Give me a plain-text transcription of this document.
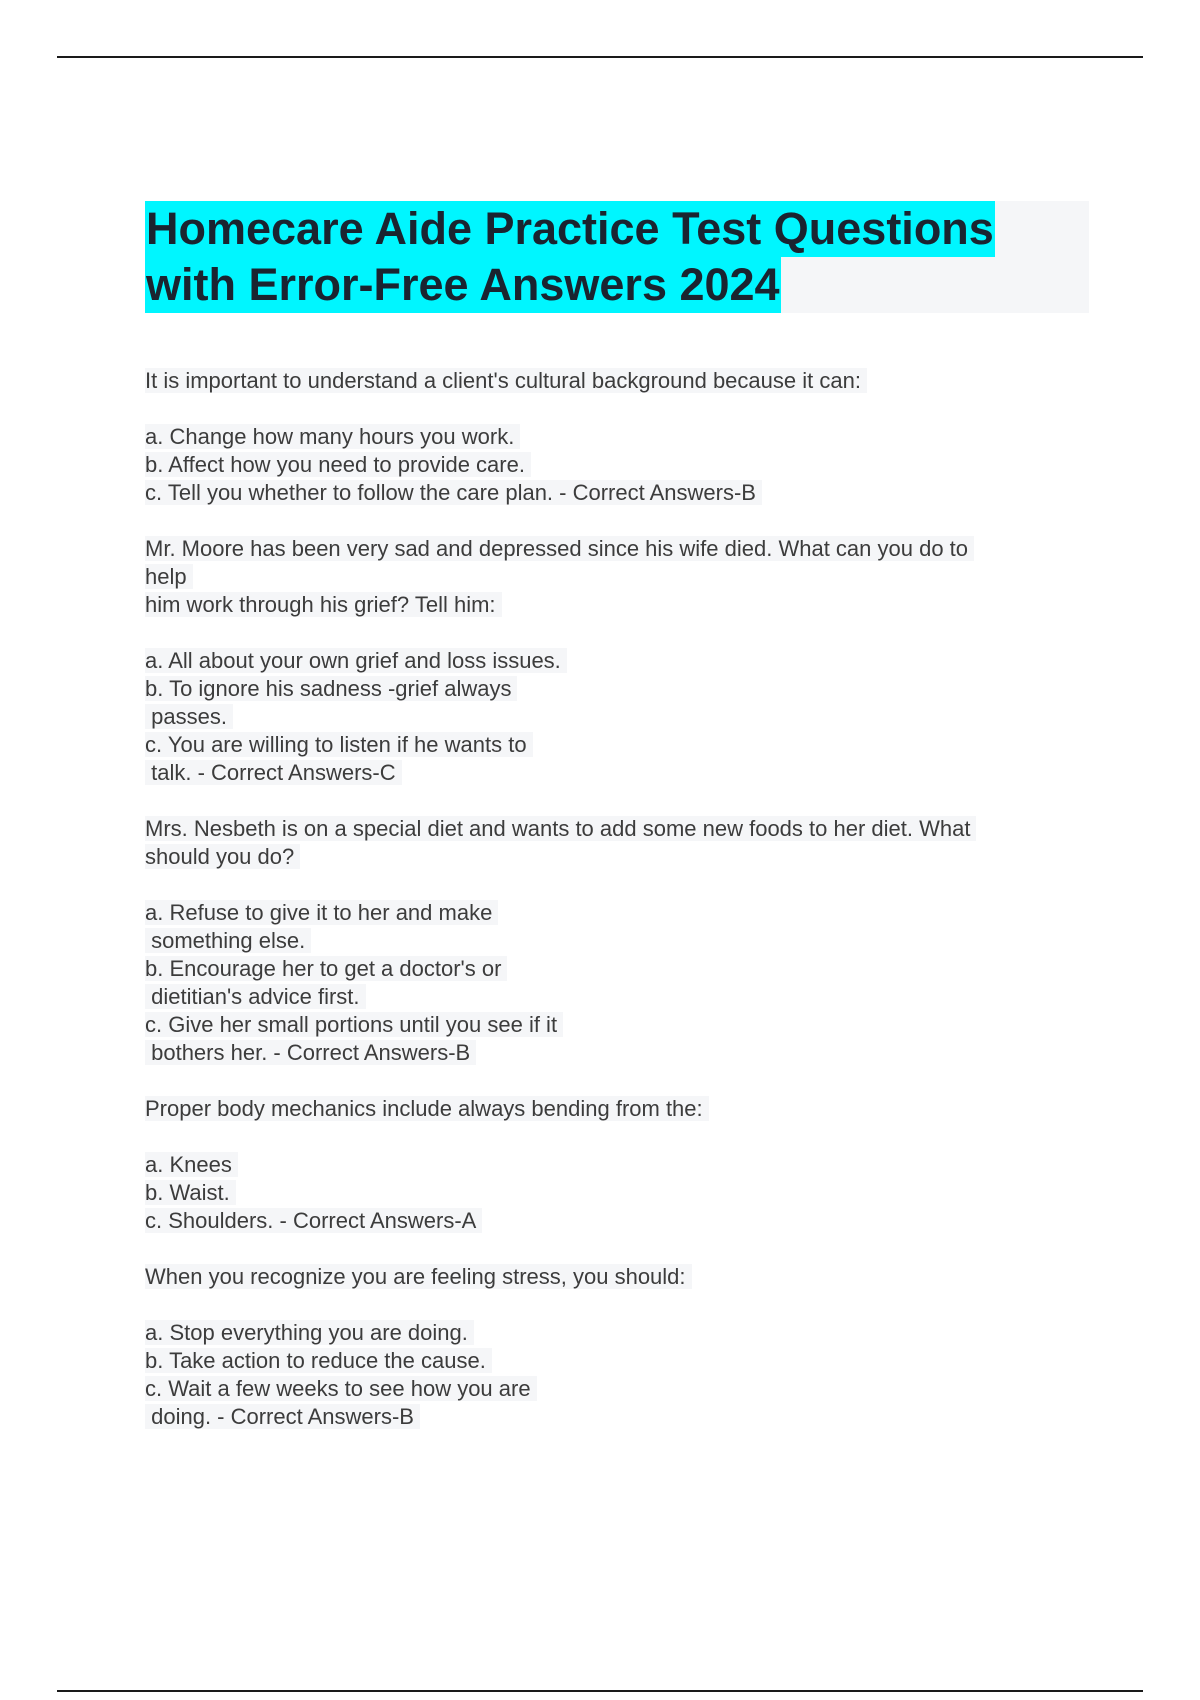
Homecare Aide Practice Test Questions
with Error-Free Answers 2024
It is important to understand a client's cultural background because it can:
a. Change how many hours you work.
b. Affect how you need to provide care.
c. Tell you whether to follow the care plan. - Correct Answers-B
Mr. Moore has been very sad and depressed since his wife died. What can you do to
help
him work through his grief? Tell him:
a. All about your own grief and loss issues.
b. To ignore his sadness -grief always
passes.
c. You are willing to listen if he wants to
talk. - Correct Answers-C
Mrs. Nesbeth is on a special diet and wants to add some new foods to her diet. What
should you do?
a. Refuse to give it to her and make
something else.
b. Encourage her to get a doctor's or
dietitian's advice first.
c. Give her small portions until you see if it
bothers her. - Correct Answers-B
Proper body mechanics include always bending from the:
a. Knees
b. Waist.
c. Shoulders. - Correct Answers-A
When you recognize you are feeling stress, you should:
a. Stop everything you are doing.
b. Take action to reduce the cause.
c. Wait a few weeks to see how you are
doing. - Correct Answers-B
